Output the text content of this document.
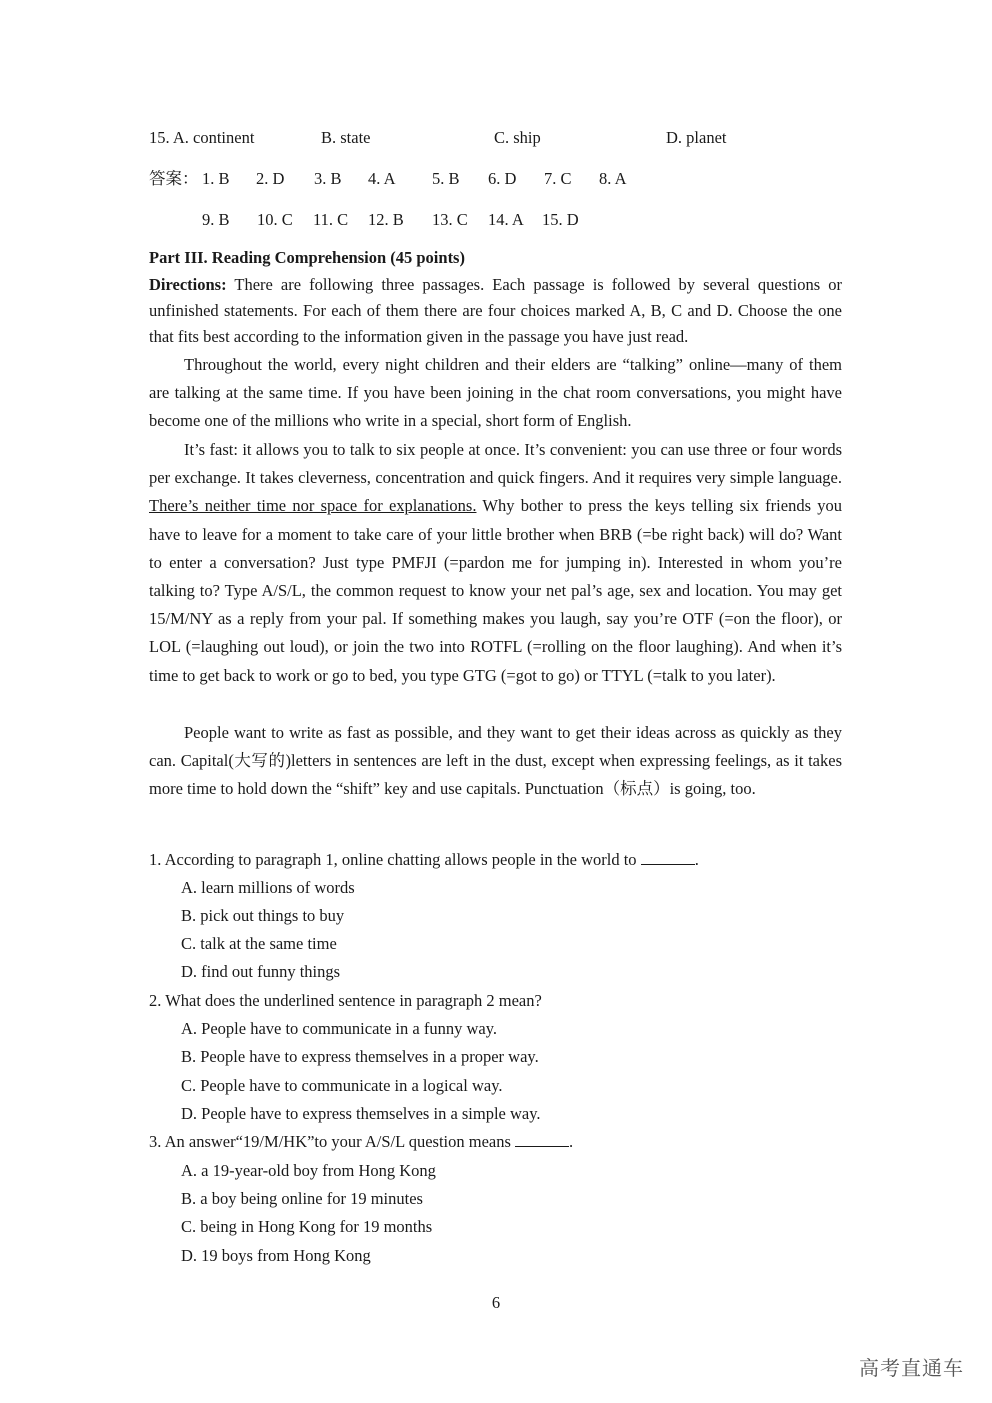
15. A. continent	B. state	C. ship	D. planet
答案： 1. B 2. D 3. B 4. A 5. B 6. D 7. C 8. A
9. B 10. C 11. C 12. B 13. C 14. A 15. D
Part III. Reading Comprehension (45 points)
Directions: There are following three passages. Each passage is followed by several questions or unfinished statements. For each of them there are four choices marked A, B, C and D. Choose the one that fits best according to the information given in the passage you have just read.
Throughout the world, every night children and their elders are “talking” online—many of them are talking at the same time. If you have been joining in the chat room conversations, you might have become one of the millions who write in a special, short form of English.
It’s fast: it allows you to talk to six people at once. It’s convenient: you can use three or four words per exchange. It takes cleverness, concentration and quick fingers. And it requires very simple language. There’s neither time nor space for explanations. Why bother to press the keys telling six friends you have to leave for a moment to take care of your little brother when BRB (=be right back) will do? Want to enter a conversation? Just type PMFJI (=pardon me for jumping in). Interested in whom you’re talking to? Type A/S/L, the common request to know your net pal’s age, sex and location. You may get 15/M/NY as a reply from your pal. If something makes you laugh, say you’re OTF (=on the floor), or LOL (=laughing out loud), or join the two into ROTFL (=rolling on the floor laughing). And when it’s time to get back to work or go to bed, you type GTG (=got to go) or TTYL (=talk to you later).
People want to write as fast as possible, and they want to get their ideas across as quickly as they can. Capital(大写的)letters in sentences are left in the dust, except when expressing feelings, as it takes more time to hold down the “shift” key and use capitals. Punctuation（标点）is going, too.
1. According to paragraph 1, online chatting allows people in the world to	.
A. learn millions of words
B. pick out things to buy
C. talk at the same time
D. find out funny things
2. What does the underlined sentence in paragraph 2 mean?
A. People have to communicate in a funny way.
B. People have to express themselves in a proper way.
C. People have to communicate in a logical way.
D. People have to express themselves in a simple way.
3. An answer“19/M/HK”to your A/S/L question means	.
A. a 19-year-old boy from Hong Kong
B. a boy being online for 19 minutes
C. being in Hong Kong for 19 months
D. 19 boys from Hong Kong
6
高考直通车
